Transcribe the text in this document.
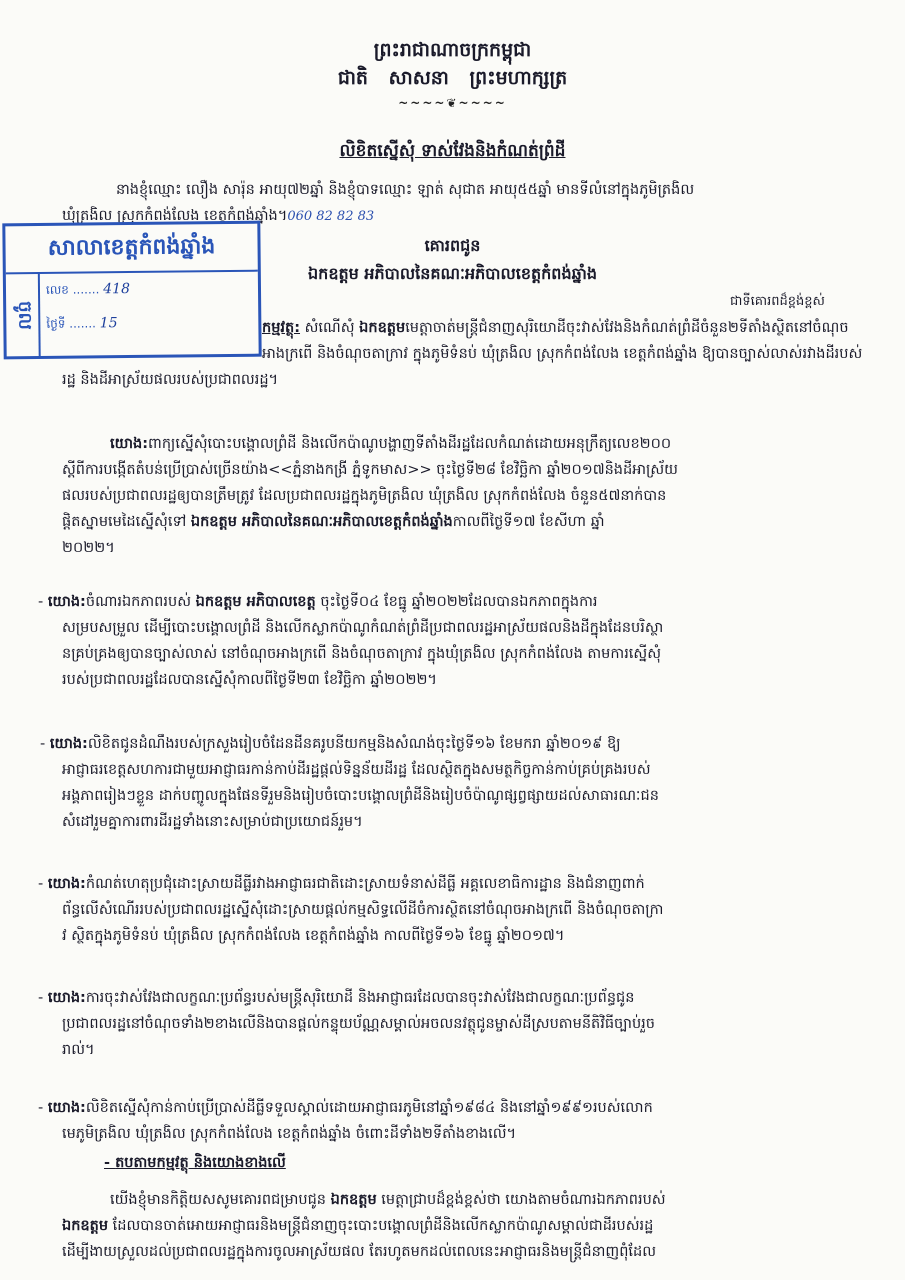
ព្រះរាជាណាចក្រកម្ពុជា
ជាតិ សាសនា ព្រះមហាក្សត្រ
~~~~❦~~~~
លិខិតស្នើសុំ ទាស់វែងនិងកំណត់ព្រំដី
នាងខ្ញុំឈ្មោះ លឿង សារ៉ុន អាយុ៧២ឆ្នាំ និងខ្ញុំបាទឈ្មោះ ឡាត់ សុជាត អាយុ៥៥ឆ្នាំ មានទីលំនៅក្នុងភូមិត្រងិល
ឃុំត្រងិល ស្រុកកំពង់លែង ខេត្តកំពង់ឆ្នាំង។060 82 82 83
សាលាខេត្តកំពង់ឆ្នាំង
ចូល
លេខ ....... 418
ថ្ងៃទី ....... 15
គោរពជូន
ឯកឧត្ដម អភិបាលនៃគណៈអភិបាលខេត្តកំពង់ឆ្នាំង
ជាទីគោរពដ៏ខ្ពង់ខ្ពស់
កម្មវត្ថុ: សំណើសុំ ឯកឧត្ដមមេត្តាចាត់មន្ត្រីជំនាញសុរិយោដីចុះវាស់វែងនិងកំណត់ព្រំដីចំនួន២ទីតាំងស្ថិតនៅចំណុច
អាងក្រពើ និងចំណុចតាក្រាវ ក្នុងភូមិទំនប់ ឃុំត្រងិល ស្រុកកំពង់លែង ខេត្តកំពង់ឆ្នាំង ឱ្យបានច្បាស់លាស់រវាងដីរបស់
រដ្ឋ និងដីអាស្រ័យផលរបស់ប្រជាពលរដ្ឋ។
យោង:ពាក្យស្នើសុំបោះបង្គោលព្រំដី និងលើកប៉ាណូបង្ហាញទីតាំងដីរដ្ឋដែលកំណត់ដោយអនុក្រឹត្យលេខ២០០
ស្ដីពីការបង្កើតតំបន់ប្រើប្រាស់ច្រើនយ៉ាង<<ភ្នំនាងកង្រី ភ្នំទូកមាស>> ចុះថ្ងៃទី២៨ ខែវិច្ឆិកា ឆ្នាំ២០១៧និងដីអាស្រ័យ
ផលរបស់ប្រជាពលរដ្ឋឲ្យបានត្រឹមត្រូវ ដែលប្រជាពលរដ្ឋក្នុងភូមិត្រងិល ឃុំត្រងិល ស្រុកកំពង់លែង ចំនួន៥៧នាក់បាន
ផ្ដិតស្នាមមេដៃស្នើសុំទៅ ឯកឧត្ដម អភិបាលនៃគណៈអភិបាលខេត្តកំពង់ឆ្នាំងកាលពីថ្ងៃទី១៧ ខែសីហា ឆ្នាំ
២០២២។
- យោង:ចំណារឯកភាពរបស់ ឯកឧត្ដម អភិបាលខេត្ត ចុះថ្ងៃទី០៤ ខែធ្នូ ឆ្នាំ២០២២ដែលបានឯកភាពក្នុងការ
សម្របសម្រួល ដើម្បីបោះបង្គោលព្រំដី និងលើកស្លាកប៉ាណូកំណត់ព្រំដីប្រជាពលរដ្ឋអាស្រ័យផលនិងដីក្នុងដែនបរិស្ថា
នគ្រប់គ្រងឲ្យបានច្បាស់លាស់ នៅចំណុចអាងក្រពើ និងចំណុចតាក្រាវ ក្នុងឃុំត្រងិល ស្រុកកំពង់លែង តាមការស្នើសុំ
របស់ប្រជាពលរដ្ឋដែលបានស្នើសុំកាលពីថ្ងៃទី២៣ ខែវិច្ឆិកា ឆ្នាំ២០២២។
- យោង:លិខិតជូនដំណឹងរបស់ក្រសួងរៀបចំដែនដីនគរូបនីយកម្មនិងសំណង់ចុះថ្ងៃទី១៦ ខែមករា ឆ្នាំ២០១៩ ឱ្យ
អាជ្ញាធរខេត្តសហការជាមួយអាជ្ញាធរកាន់កាប់ដីរដ្ឋផ្ដល់ទិន្នន័យដីរដ្ឋ ដែលស្ថិតក្នុងសមត្ថកិច្ចកាន់កាប់គ្រប់គ្រងរបស់
អង្គភាពរៀងៗខ្លួន ដាក់បញ្ចូលក្នុងផែនទីរួមនិងរៀបចំបោះបង្គោលព្រំដីនិងរៀបចំប៉ាណូផ្សព្វផ្សាយដល់សាធារណៈជន
សំដៅរួមគ្នាការពារដីរដ្ឋទាំងនោះសម្រាប់ជាប្រយោជន៍រួម។
- យោង:កំណត់ហេតុប្រជុំដោះស្រាយដីធ្លីរវាងអាជ្ញាធរជាតិដោះស្រាយទំនាស់ដីធ្លី អគ្គលេខាធិការដ្ឋាន និងជំនាញពាក់
ព័ន្ធលើសំណើររបស់ប្រជាពលរដ្ឋស្នើសុំដោះស្រាយផ្ដល់កម្មសិទ្ធលើដីចំការស្ថិតនៅចំណុចអាងក្រពើ និងចំណុចតាក្រា
វ ស្ថិតក្នុងភូមិទំនប់ ឃុំត្រងិល ស្រុកកំពង់លែង ខេត្តកំពង់ឆ្នាំង កាលពីថ្ងៃទី១៦ ខែធ្នូ ឆ្នាំ២០១៧។
- យោង:ការចុះវាស់វែងជាលក្ខណៈប្រព័ន្ធរបស់មន្ត្រីសុរិយោដី និងអាជ្ញាធរដែលបានចុះវាស់វែងជាលក្ខណៈប្រព័ន្ធជូន
ប្រជាពលរដ្ឋនៅចំណុចទាំង២ខាងលើនិងបានផ្ដល់កន្ទុយប័ណ្ណសម្គាល់អចលនវត្ថុជូនម្ចាស់ដីស្របតាមនីតិវិធីច្បាប់រួច
រាល់។
- យោង:លិខិតស្នើសុំកាន់កាប់ប្រើប្រាស់ដីធ្លីទទួលស្គាល់ដោយអាជ្ញាធរភូមិនៅឆ្នាំ១៩៨៤ និងនៅឆ្នាំ១៩៩១របស់លោក
មេភូមិត្រងិល ឃុំត្រងិល ស្រុកកំពង់លែង ខេត្តកំពង់ឆ្នាំង ចំពោះដីទាំង២ទីតាំងខាងលើ។
- តបតាមកម្មវត្ថុ និងយោងខាងលើ
យើងខ្ញុំមានកិត្តិយសសូមគោរពជម្រាបជូន ឯកឧត្ដម មេត្តាជ្រាបដ៏ខ្ពង់ខ្ពស់ថា យោងតាមចំណារឯកភាពរបស់
ឯកឧត្ដម ដែលបានចាត់អោយអាជ្ញាធរនិងមន្ត្រីជំនាញចុះបោះបង្គោលព្រំដីនិងលើកស្លាកប៉ាណូសម្គាល់ជាដីរបស់រដ្ឋ
ដើម្បីងាយស្រួលដល់ប្រជាពលរដ្ឋក្នុងការចូលអាស្រ័យផល តែរហូតមកដល់ពេលនេះអាជ្ញាធរនិងមន្ត្រីជំនាញពុំដែល
